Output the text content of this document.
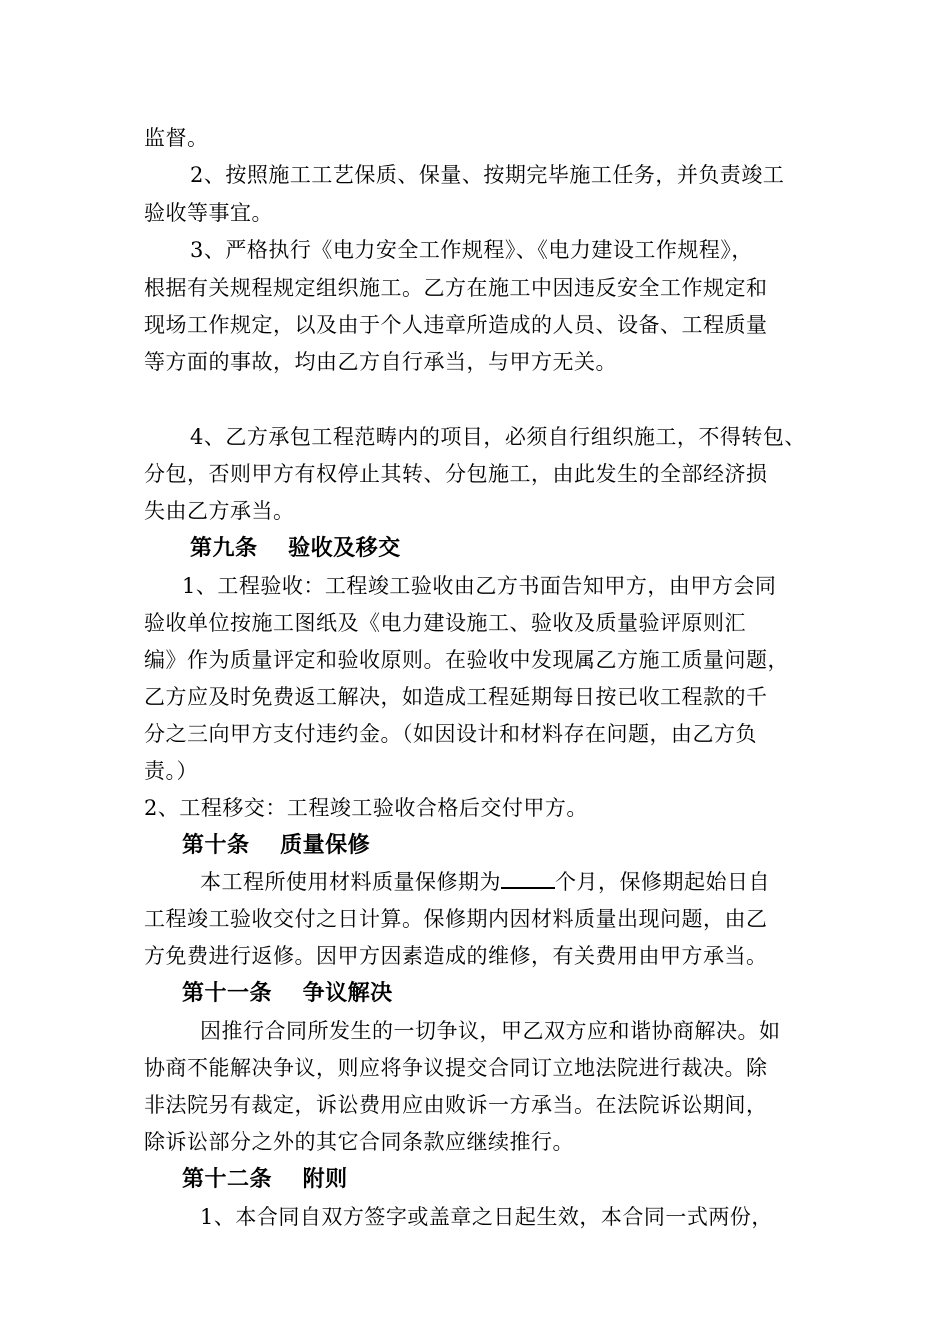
监督。
2、按照施工工艺保质、保量、按期完毕施工任务，并负责竣工
验收等事宜。
3、严格执行《电力安全工作规程》、《电力建设工作规程》，
根据有关规程规定组织施工。乙方在施工中因违反安全工作规定和
现场工作规定，以及由于个人违章所造成的人员、设备、工程质量
等方面的事故，均由乙方自行承当，与甲方无关。
4、乙方承包工程范畴内的项目，必须自行组织施工，不得转包、
分包，否则甲方有权停止其转、分包施工，由此发生的全部经济损
失由乙方承当。
第九条　 验收及移交
1、工程验收：工程竣工验收由乙方书面告知甲方，由甲方会同
验收单位按施工图纸及《电力建设施工、验收及质量验评原则汇
编》作为质量评定和验收原则。在验收中发现属乙方施工质量问题，
乙方应及时免费返工解决，如造成工程延期每日按已收工程款的千
分之三向甲方支付违约金。（如因设计和材料存在问题，由乙方负
责。）
2、工程移交：工程竣工验收合格后交付甲方。
第十条　 质量保修
本工程所使用材料质量保修期为	个月，保修期起始日自
工程竣工验收交付之日计算。保修期内因材料质量出现问题，由乙
方免费进行返修。因甲方因素造成的维修，有关费用由甲方承当。
第十一条　 争议解决
因推行合同所发生的一切争议，甲乙双方应和谐协商解决。如
协商不能解决争议，则应将争议提交合同订立地法院进行裁决。除
非法院另有裁定，诉讼费用应由败诉一方承当。在法院诉讼期间，
除诉讼部分之外的其它合同条款应继续推行。
第十二条　 附则
1、本合同自双方签字或盖章之日起生效，本合同一式两份，
